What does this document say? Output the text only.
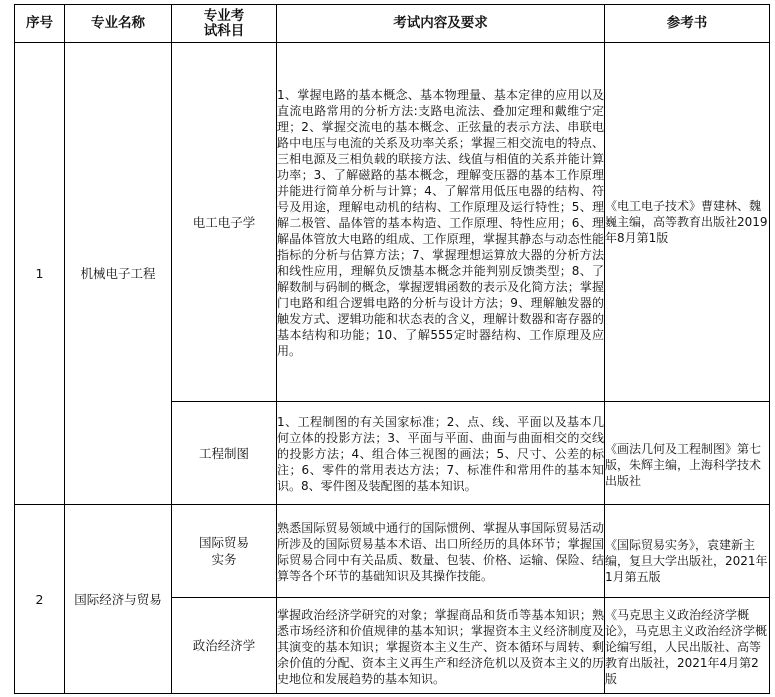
序号	专业名称	专业考试科目	考试内容及要求	参考书
1	机械电子工程	电工电子学	1、掌握电路的基本概念、基本物理量、基本定律的应用以及直流电路常用的分析方法:支路电流法、叠加定理和戴维宁定理；2、掌握交流电的基本概念、正弦量的表示方法、串联电路中电压与电流的关系及功率关系；掌握三相交流电的特点、三相电源及三相负载的联接方法、线值与相值的关系并能计算功率；3、了解磁路的基本概念，理解变压器的基本工作原理并能进行简单分析与计算；4、了解常用低压电器的结构、符号及用途，理解电动机的结构、工作原理及运行特性；5、理解二极管、晶体管的基本构造、工作原理、特性应用；6、理解晶体管放大电路的组成、工作原理，掌握其静态与动态性能指标的分析与估算方法；7、掌握理想运算放大器的分析方法和线性应用，理解负反馈基本概念并能判别反馈类型；8、了解数制与码制的概念，掌握逻辑函数的表示及化简方法；掌握门电路和组合逻辑电路的分析与设计方法；9、理解触发器的触发方式、逻辑功能和状态表的含义，理解计数器和寄存器的基本结构和功能；10、了解555定时器结构、工作原理及应用。	《电工电子技术》曹建林、魏巍主编，高等教育出版社2019年8月第1版

		工程制图	1、工程制图的有关国家标准；2、点、线、平面以及基本几何立体的投影方法；3、平面与平面、曲面与曲面相交的交线的投影方法；4、组合体三视图的画法；5、尺寸、公差的标注；6、零件的常用表达方法；7、标准件和常用件的基本知识。8、零件图及装配图的基本知识。	《画法几何及工程制图》第七版，朱辉主编，上海科学技术出版社

2	国际经济与贸易	国际贸易实务	熟悉国际贸易领域中通行的国际惯例、掌握从事国际贸易活动所涉及的国际贸易基本术语、出口所经历的具体环节；掌握国际贸易合同中有关品质、数量、包装、价格、运输、保险、结算等各个环节的基础知识及其操作技能。	《国际贸易实务》，袁建新主编，复旦大学出版社，2021年1月第五版

		政治经济学	掌握政治经济学研究的对象；掌握商品和货币等基本知识；熟悉市场经济和价值规律的基本知识；掌握资本主义经济制度及其演变的基本知识；掌握资本主义生产、资本循环与周转、剩余价值的分配、资本主义再生产和经济危机以及资本主义的历史地位和发展趋势的基本知识。	《马克思主义政治经济学概论》，马克思主义政治经济学概论编写组，人民出版社、高等教育出版社，2021年4月第2版
